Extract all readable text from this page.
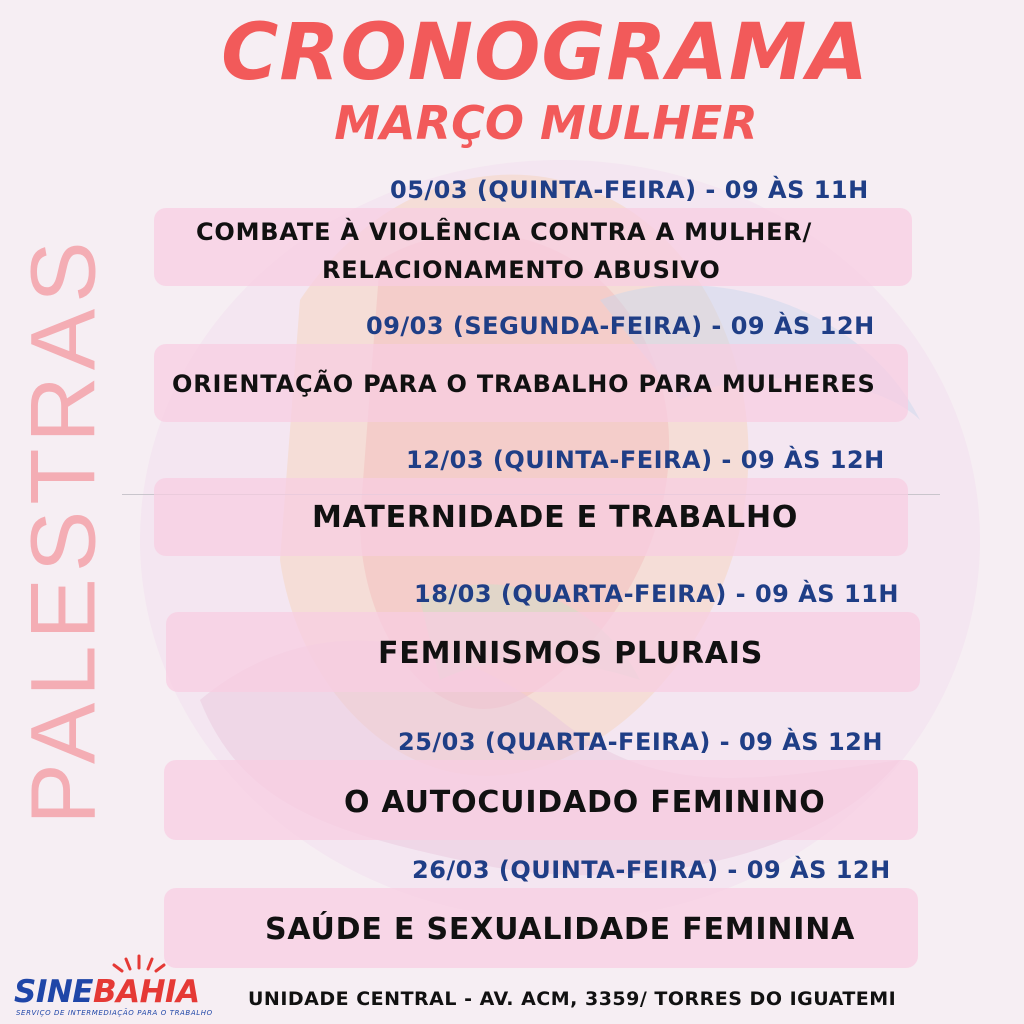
CRONOGRAMA
MARÇO MULHER
PALESTRAS
05/03 (QUINTA-FEIRA) - 09 ÀS 11H
COMBATE À VIOLÊNCIA CONTRA A MULHER/
RELACIONAMENTO ABUSIVO
09/03 (SEGUNDA-FEIRA) - 09 ÀS 12H
ORIENTAÇÃO PARA O TRABALHO PARA MULHERES
12/03 (QUINTA-FEIRA) - 09 ÀS 12H
MATERNIDADE E TRABALHO
18/03 (QUARTA-FEIRA) - 09 ÀS 11H
FEMINISMOS PLURAIS
25/03 (QUARTA-FEIRA) - 09 ÀS 12H
O AUTOCUIDADO FEMININO
26/03 (QUINTA-FEIRA) - 09 ÀS 12H
SAÚDE E SEXUALIDADE FEMININA
SINEBAHIA
SERVIÇO DE INTERMEDIAÇÃO PARA O TRABALHO
UNIDADE CENTRAL - AV. ACM, 3359/ TORRES DO IGUATEMI
